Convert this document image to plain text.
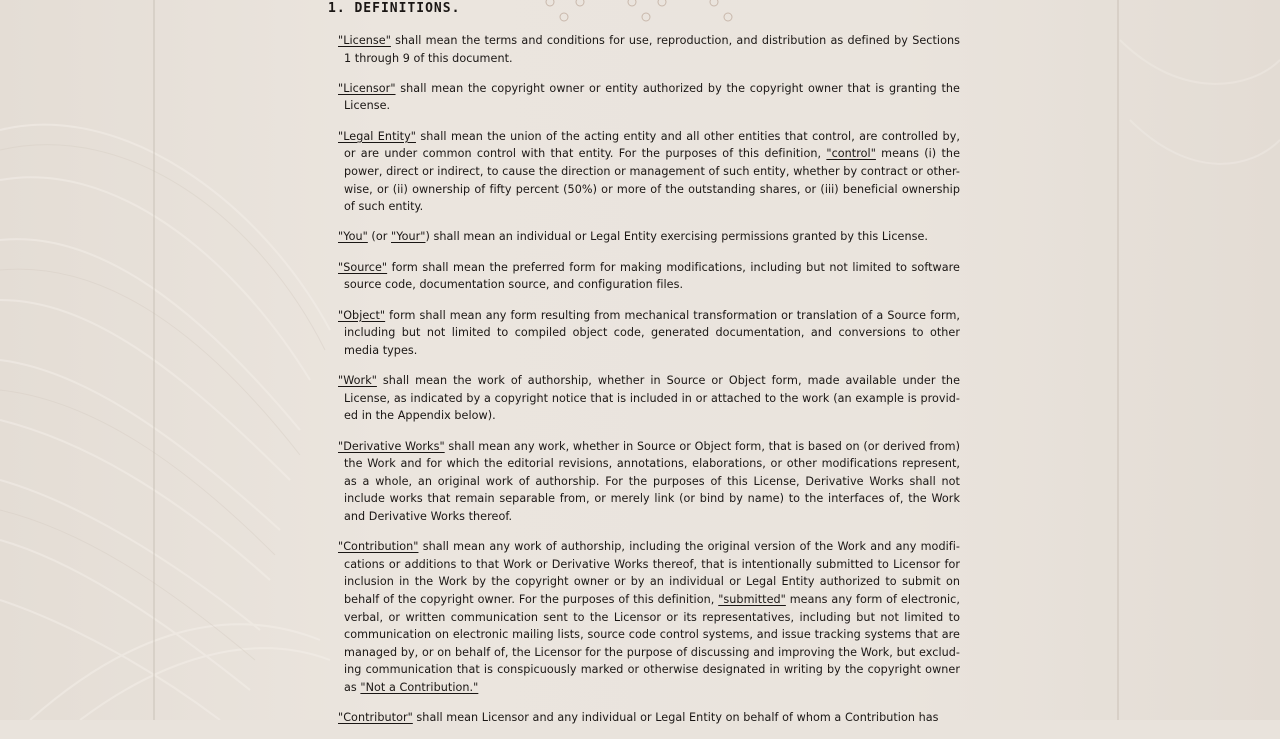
1. DEFINITIONS.

"License" shall mean the terms and conditions for use, reproduction, and distribution as defined by Sections 1 through 9 of this document.

"Licensor" shall mean the copyright owner or entity authorized by the copyright owner that is granting the License.

"Legal Entity" shall mean the union of the acting entity and all other entities that control, are controlled by, or are under common control with that entity. For the purposes of this definition, "control" means (i) the power, direct or indirect, to cause the direction or management of such entity, whether by contract or other-wise, or (ii) ownership of fifty percent (50%) or more of the outstanding shares, or (iii) beneficial ownership of such entity.

"You" (or "Your") shall mean an individual or Legal Entity exercising permissions granted by this License.

"Source" form shall mean the preferred form for making modifications, including but not limited to software source code, documentation source, and configuration files.

"Object" form shall mean any form resulting from mechanical transformation or translation of a Source form, including but not limited to compiled object code, generated documentation, and conversions to other media types.

"Work" shall mean the work of authorship, whether in Source or Object form, made available under the License, as indicated by a copyright notice that is included in or attached to the work (an example is provid-ed in the Appendix below).

"Derivative Works" shall mean any work, whether in Source or Object form, that is based on (or derived from) the Work and for which the editorial revisions, annotations, elaborations, or other modifications represent, as a whole, an original work of authorship. For the purposes of this License, Derivative Works shall not include works that remain separable from, or merely link (or bind by name) to the interfaces of, the Work and Derivative Works thereof.

"Contribution" shall mean any work of authorship, including the original version of the Work and any modifi-cations or additions to that Work or Derivative Works thereof, that is intentionally submitted to Licensor for inclusion in the Work by the copyright owner or by an individual or Legal Entity authorized to submit on behalf of the copyright owner. For the purposes of this definition, "submitted" means any form of electronic, verbal, or written communication sent to the Licensor or its representatives, including but not limited to communication on electronic mailing lists, source code control systems, and issue tracking systems that are managed by, or on behalf of, the Licensor for the purpose of discussing and improving the Work, but exclud-ing communication that is conspicuously marked or otherwise designated in writing by the copyright owner as "Not a Contribution."

"Contributor" shall mean Licensor and any individual or Legal Entity on behalf of whom a Contribution has
